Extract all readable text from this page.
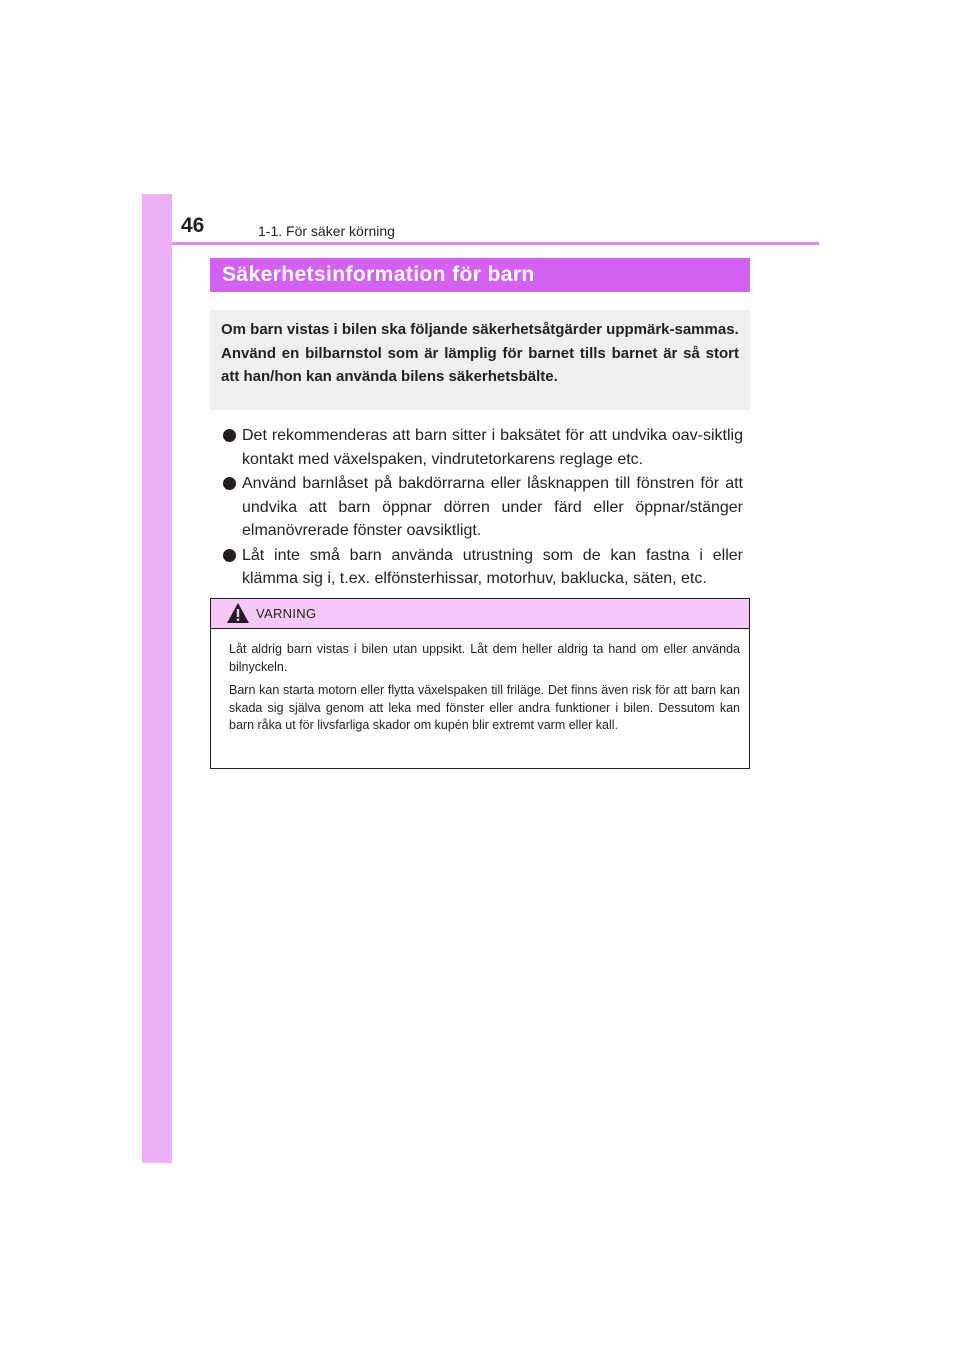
46	1-1. För säker körning
Säkerhetsinformation för barn

Om barn vistas i bilen ska följande säkerhetsåtgärder uppmärk-sammas.

Använd en bilbarnstol som är lämplig för barnet tills barnet är så stort att han/hon kan använda bilens säkerhetsbälte.

Det rekommenderas att barn sitter i baksätet för att undvika oav-siktlig kontakt med växelspaken, vindrutetorkarens reglage etc.
Använd barnlåset på bakdörrarna eller låsknappen till fönstren för att undvika att barn öppnar dörren under färd eller öppnar/stänger elmanövrerade fönster oavsiktligt.
Låt inte små barn använda utrustning som de kan fastna i eller klämma sig i, t.ex. elfönsterhissar, motorhuv, baklucka, säten, etc.
VARNING

Låt aldrig barn vistas i bilen utan uppsikt. Låt dem heller aldrig ta hand om eller använda bilnyckeln.

Barn kan starta motorn eller flytta växelspaken till friläge. Det finns även risk för att barn kan skada sig själva genom att leka med fönster eller andra funktioner i bilen. Dessutom kan barn råka ut för livsfarliga skador om kupén blir extremt varm eller kall.
